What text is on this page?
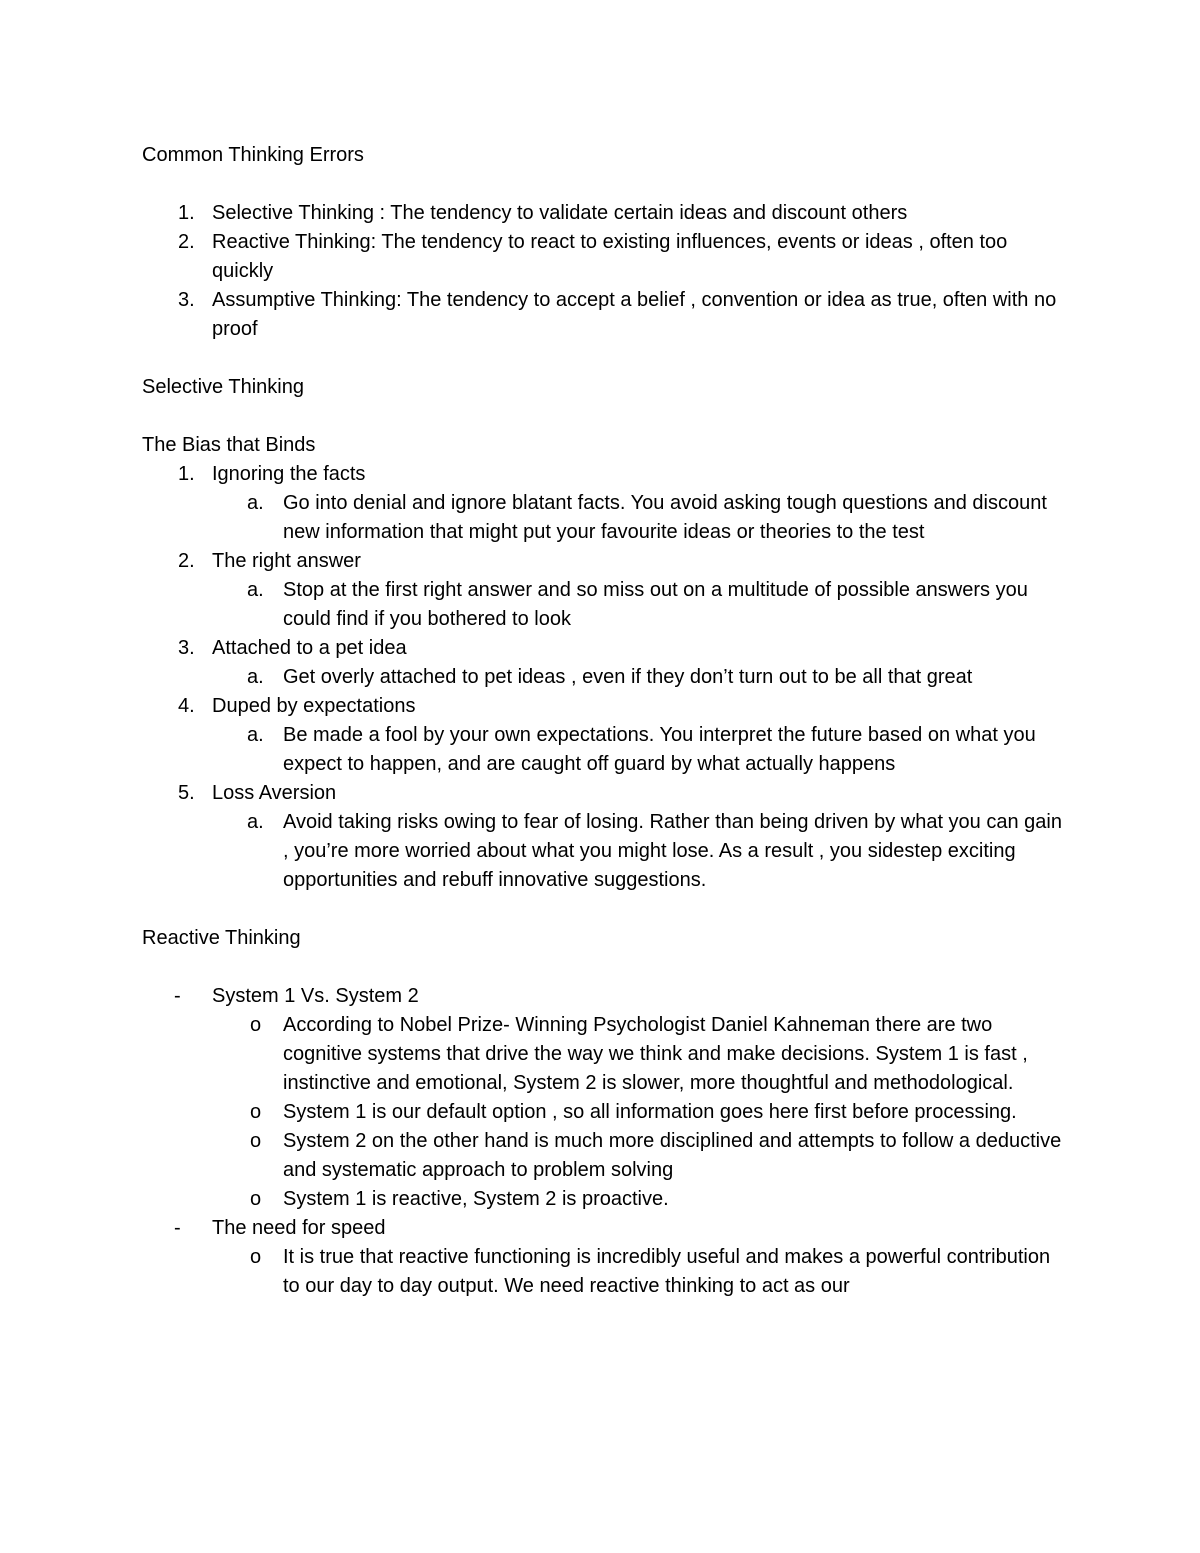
Common Thinking Errors
1. Selective Thinking : The tendency to validate certain ideas and discount others
2. Reactive Thinking: The tendency to react to existing influences, events or ideas , often too quickly
3. Assumptive Thinking: The tendency to accept a belief , convention or idea as true, often with no proof
Selective Thinking
The Bias that Binds
1. Ignoring the facts
a. Go into denial and ignore blatant facts. You avoid asking tough questions and discount new information that might put your favourite ideas or theories to the test
2. The right answer
a. Stop at the first right answer and so miss out on a multitude of possible answers you could find if you bothered to look
3. Attached to a pet idea
a. Get overly attached to pet ideas , even if they don’t turn out to be all that great
4. Duped by expectations
a. Be made a fool by your own expectations. You interpret the future based on what you expect to happen, and are caught off guard by what actually happens
5. Loss Aversion
a. Avoid taking risks owing to fear of losing. Rather than being driven by what you can gain , you’re more worried about what you might lose. As a result , you sidestep exciting opportunities and rebuff innovative suggestions.
Reactive Thinking
-	System 1 Vs. System 2
o	According to Nobel Prize- Winning Psychologist Daniel Kahneman there are two cognitive systems that drive the way we think and make decisions. System 1 is fast , instinctive and emotional, System 2 is slower, more thoughtful and methodological.
o	System 1 is our default option , so all information goes here first before processing.
o	System 2 on the other hand is much more disciplined and attempts to follow a deductive and systematic approach to problem solving
o	System 1 is reactive, System 2 is proactive.
-	The need for speed
o	It is true that reactive functioning is incredibly useful and makes a powerful contribution to our day to day output. We need reactive thinking to act as our
